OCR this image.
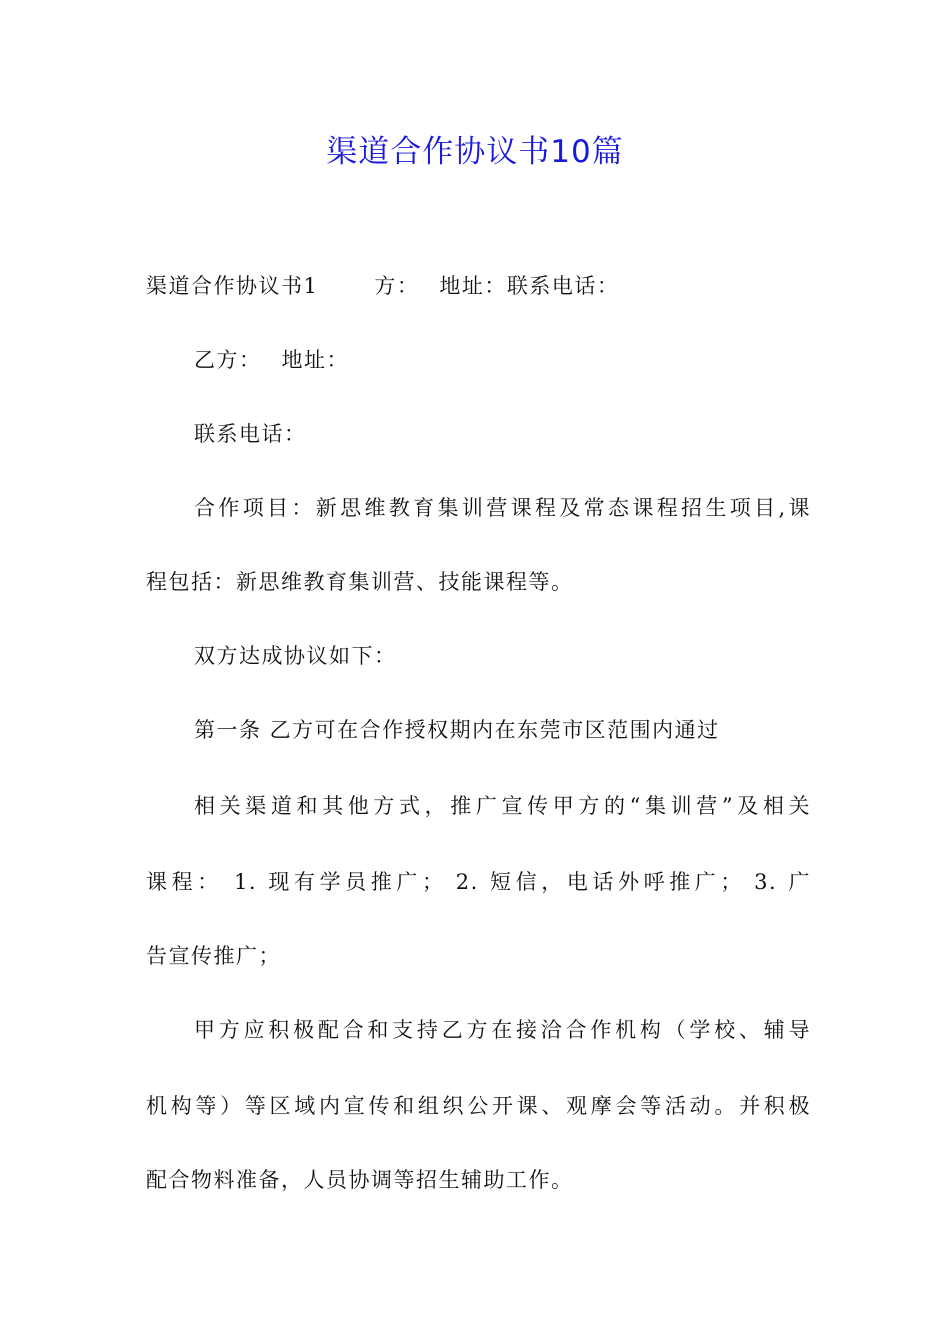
渠道合作协议书10篇

渠道合作协议书1	方： 地址：联系电话：

乙方： 地址：

联系电话：

合作项目：新思维教育集训营课程及常态课程招生项目,课

程包括：新思维教育集训营、技能课程等。

双方达成协议如下：

第一条 乙方可在合作授权期内在东莞市区范围内通过

相关渠道和其他方式，推广宣传甲方的“集训营”及相关

课程： 1. 现有学员推广； 2. 短信，电话外呼推广； 3. 广

告宣传推广；

甲方应积极配合和支持乙方在接洽合作机构（学校、辅导

机构等）等区域内宣传和组织公开课、观摩会等活动。并积极

配合物料准备，人员协调等招生辅助工作。
